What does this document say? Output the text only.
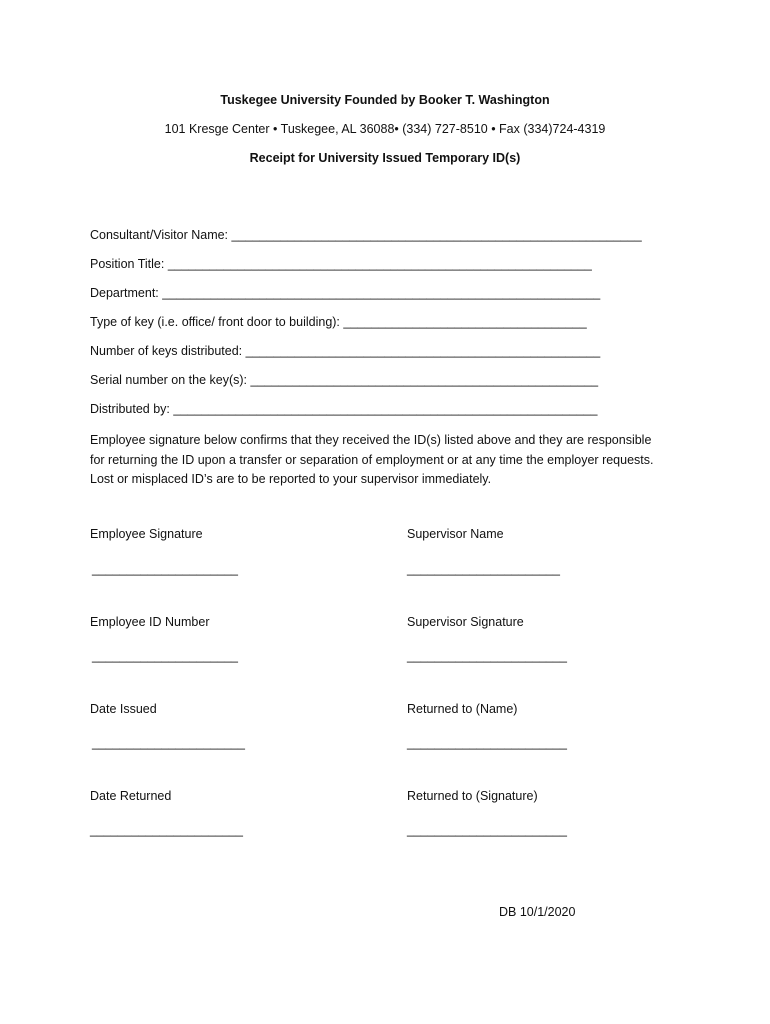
Tuskegee University Founded by Booker T. Washington
101 Kresge Center • Tuskegee, AL 36088• (334) 727-8510 • Fax (334)724-4319
Receipt for University Issued Temporary ID(s)
Consultant/Visitor Name: ___________________________________________________________
Position Title: _____________________________________________________________
Department: _______________________________________________________________
Type of key (i.e. office/ front door to building): ___________________________________
Number of keys distributed: ___________________________________________________
Serial number on the key(s): __________________________________________________
Distributed by: _____________________________________________________________
Employee signature below confirms that they received the ID(s) listed above and they are responsible
for returning the ID upon a transfer or separation of employment or at any time the employer requests.
Lost or misplaced ID’s are to be reported to your supervisor immediately.
Employee Signature
_____________________
Supervisor Name
______________________
Employee ID Number
_____________________
Supervisor Signature
_______________________
Date Issued
______________________
Returned to (Name)
_______________________
Date Returned
______________________
Returned to (Signature)
_______________________
DB 10/1/2020
